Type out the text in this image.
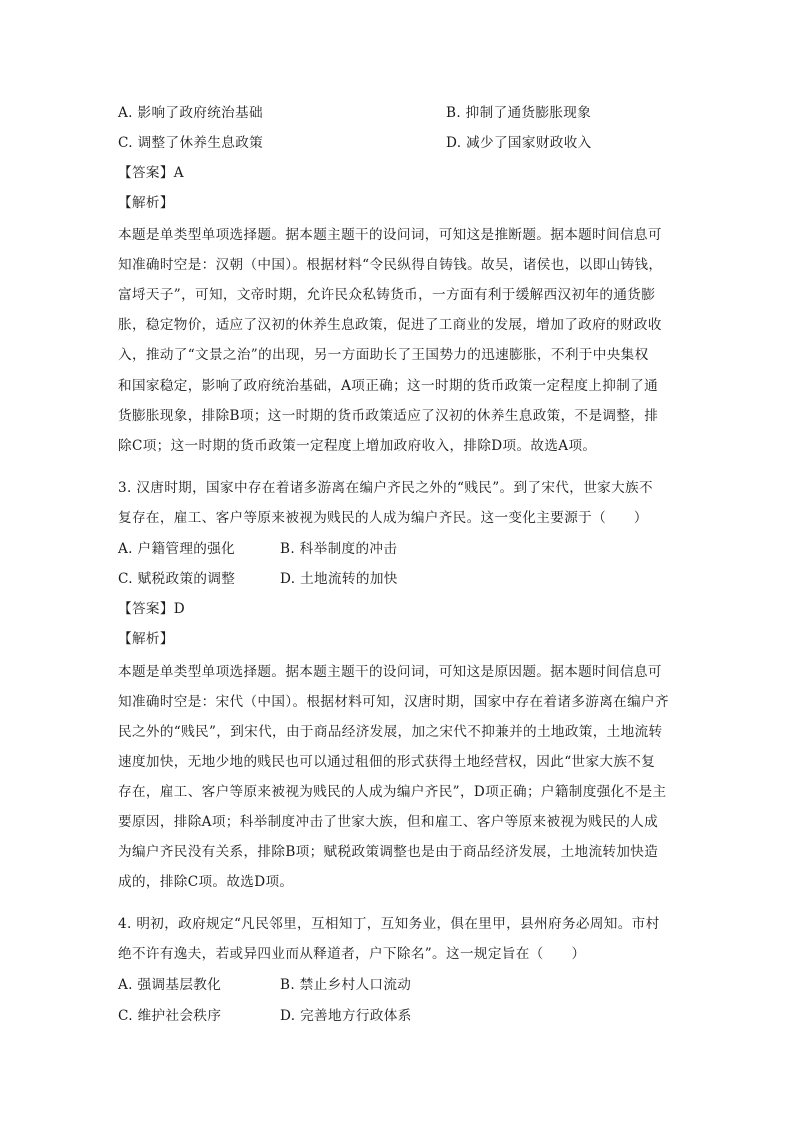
A. 影响了政府统治基础	B. 抑制了通货膨胀现象
C. 调整了休养生息政策	D. 减少了国家财政收入
【答案】A
【解析】
本题是单类型单项选择题。据本题主题干的设问词，可知这是推断题。据本题时间信息可
知准确时空是：汉朝（中国）。根据材料“令民纵得自铸钱。故吴，诸侯也，以即山铸钱，
富埒天子”，可知，文帝时期，允许民众私铸货币，一方面有利于缓解西汉初年的通货膨
胀，稳定物价，适应了汉初的休养生息政策，促进了工商业的发展，增加了政府的财政收
入，推动了“文景之治”的出现，另一方面助长了王国势力的迅速膨胀，不利于中央集权
和国家稳定，影响了政府统治基础，A项正确；这一时期的货币政策一定程度上抑制了通
货膨胀现象，排除B项；这一时期的货币政策适应了汉初的休养生息政策，不是调整，排
除C项；这一时期的货币政策一定程度上增加政府收入，排除D项。故选A项。
3. 汉唐时期，国家中存在着诸多游离在编户齐民之外的“贱民”。到了宋代，世家大族不
复存在，雇工、客户等原来被视为贱民的人成为编户齐民。这一变化主要源于（　　）
A. 户籍管理的强化	B. 科举制度的冲击
C. 赋税政策的调整	D. 土地流转的加快
【答案】D
【解析】
本题是单类型单项选择题。据本题主题干的设问词，可知这是原因题。据本题时间信息可
知准确时空是：宋代（中国）。根据材料可知，汉唐时期，国家中存在着诸多游离在编户齐
民之外的“贱民”，到宋代，由于商品经济发展，加之宋代不抑兼并的土地政策，土地流转
速度加快，无地少地的贱民也可以通过租佃的形式获得土地经营权，因此“世家大族不复
存在，雇工、客户等原来被视为贱民的人成为编户齐民”，D项正确；户籍制度强化不是主
要原因，排除A项；科举制度冲击了世家大族，但和雇工、客户等原来被视为贱民的人成
为编户齐民没有关系，排除B项；赋税政策调整也是由于商品经济发展，土地流转加快造
成的，排除C项。故选D项。
4. 明初，政府规定“凡民邻里，互相知丁，互知务业，俱在里甲，县州府务必周知。市村
绝不许有逸夫，若或异四业而从释道者，户下除名”。这一规定旨在（　　）
A. 强调基层教化	B. 禁止乡村人口流动
C. 维护社会秩序	D. 完善地方行政体系
